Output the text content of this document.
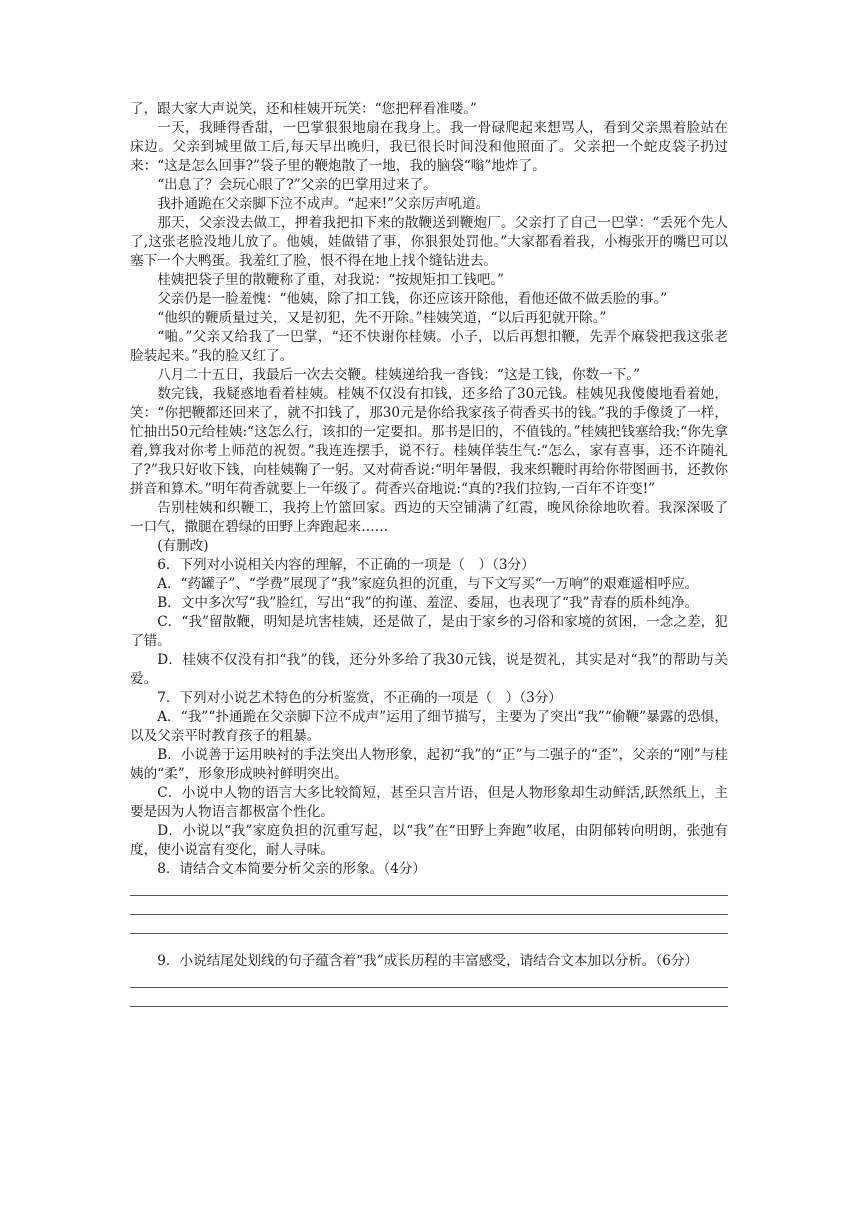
了，跟大家大声说笑，还和桂姨开玩笑：“您把秤看准喽。”

一天，我睡得香甜，一巴掌狠狠地扇在我身上。我一骨碌爬起来想骂人，看到父亲黑着脸站在床边。父亲到城里做工后,每天早出晚归，我已很长时间没和他照面了。父亲把一个蛇皮袋子扔过来：“这是怎么回事?”袋子里的鞭炮散了一地，我的脑袋“嗡”地炸了。

“出息了？会玩心眼了?”父亲的巴掌用过来了。

我扑通跪在父亲脚下泣不成声。“起来!”父亲厉声吼道。

那天，父亲没去做工，押着我把扣下来的散鞭送到鞭炮厂。父亲打了自己一巴掌：“丢死个先人了,这张老脸没地儿放了。他姨，娃做错了事，你狠狠处罚他。”大家都看着我，小梅张开的嘴巴可以塞下一个大鸭蛋。我羞红了脸，恨不得在地上找个缝钻进去。

桂姨把袋子里的散鞭称了重，对我说：“按规矩扣工钱吧。”

父亲仍是一脸羞愧：“他姨，除了扣工钱，你还应该开除他，看他还做不做丢脸的事。”

“他织的鞭质量过关，又是初犯，先不开除。”桂姨笑道，“以后再犯就开除。”

“啪。”父亲又给我了一巴掌，“还不快谢你桂姨。小子，以后再想扣鞭，先弄个麻袋把我这张老脸装起来。”我的脸又红了。

八月二十五日，我最后一次去交鞭。桂姨递给我一沓钱：“这是工钱，你数一下。”

数完钱，我疑惑地看着桂姨。桂姨不仅没有扣钱，还多给了30元钱。桂姨见我傻傻地看着她，笑：“你把鞭都还回来了，就不扣钱了，那30元是你给我家孩子荷香买书的钱。”我的手像烫了一样，忙抽出50元给桂姨:“这怎么行，该扣的一定要扣。那书是旧的，不值钱的。”桂姨把钱塞给我:“你先拿着,算我对你考上师范的祝贺。”我连连摆手，说不行。桂姨佯装生气:“怎么，家有喜事，还不许随礼了?”我只好收下钱，向桂姨鞠了一躬。又对荷香说:“明年暑假，我来织鞭时再给你带图画书，还教你拼音和算术。”明年荷香就要上一年级了。荷香兴奋地说:“真的?我们拉钩,一百年不许变!”

告别桂姨和织鞭工，我挎上竹篮回家。西边的天空铺满了红霞，晚风徐徐地吹着。我深深吸了一口气，撒腿在碧绿的田野上奔跑起来……

(有删改)

6．下列对小说相关内容的理解，不正确的一项是（　）（3分）

A．“药罐子”、“学费”展现了“我”家庭负担的沉重，与下文写买“一万响”的艰难遥相呼应。

B．文中多次写“我”脸红，写出“我”的拘谨、羞涩、委屈，也表现了“我”青春的质朴纯净。

C．“我”留散鞭，明知是坑害桂姨，还是做了，是由于家乡的习俗和家境的贫困，一念之差，犯了错。

D．桂姨不仅没有扣“我”的钱，还分外多给了我30元钱，说是贺礼，其实是对“我”的帮助与关爱。

7．下列对小说艺术特色的分析鉴赏，不正确的一项是（　）（3分）

A．“我”“扑通跪在父亲脚下泣不成声”运用了细节描写，主要为了突出“我”“偷鞭”暴露的恐惧， 以及父亲平时教育孩子的粗暴。

B．小说善于运用映衬的手法突出人物形象，起初“我”的“正”与二强子的“歪”，父亲的“刚”与桂姨的“柔”，形象形成映衬鲜明突出。

C．小说中人物的语言大多比较简短，甚至只言片语，但是人物形象却生动鲜活,跃然纸上，主要是因为人物语言都极富个性化。

D．小说以“我”家庭负担的沉重写起，以“我”在“田野上奔跑”收尾，由阴郁转向明朗，张弛有度，使小说富有变化，耐人寻味。

8．请结合文本简要分析父亲的形象。（4分）

9．小说结尾处划线的句子蕴含着“我”成长历程的丰富感受，请结合文本加以分析。（6分）
